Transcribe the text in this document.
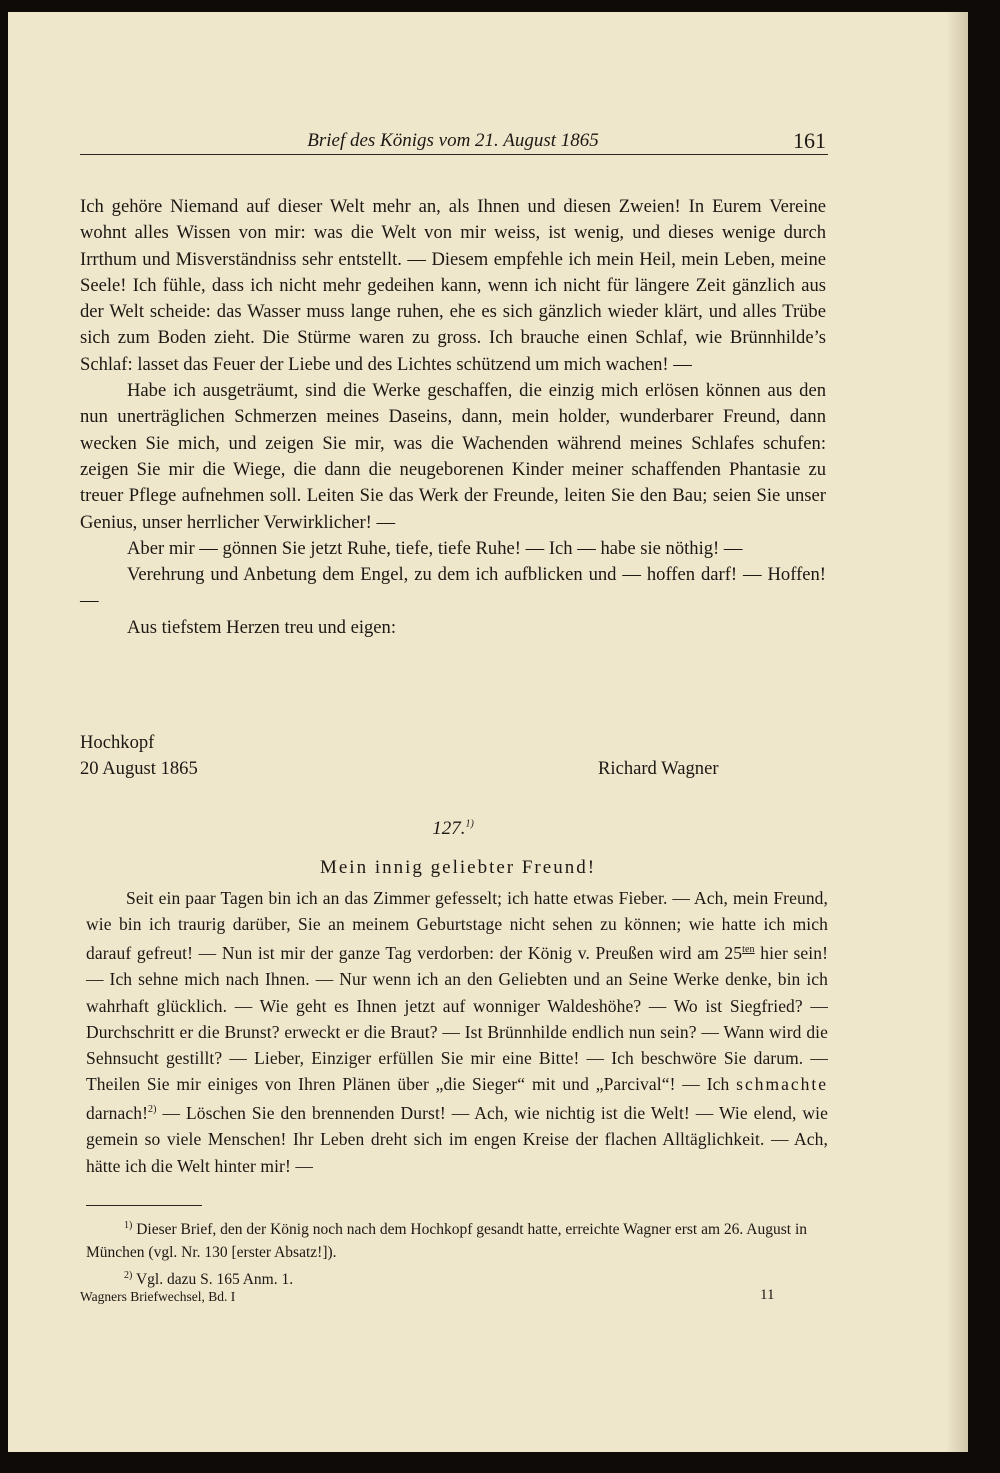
Brief des Königs vom 21. August 1865	161

Ich gehöre Niemand auf dieser Welt mehr an, als Ihnen und diesen Zweien! In Eurem Vereine wohnt alles Wissen von mir: was die Welt von mir weiss, ist wenig, und dieses wenige durch Irrthum und Misverständniss sehr entstellt. — Diesem empfehle ich mein Heil, mein Leben, meine Seele! Ich fühle, dass ich nicht mehr gedeihen kann, wenn ich nicht für längere Zeit gänzlich aus der Welt scheide: das Wasser muss lange ruhen, ehe es sich gänzlich wieder klärt, und alles Trübe sich zum Boden zieht. Die Stürme waren zu gross. Ich brauche einen Schlaf, wie Brünnhilde’s Schlaf: lasset das Feuer der Liebe und des Lichtes schützend um mich wachen! —

Habe ich ausgeträumt, sind die Werke geschaffen, die einzig mich erlösen können aus den nun unerträglichen Schmerzen meines Daseins, dann, mein holder, wunderbarer Freund, dann wecken Sie mich, und zeigen Sie mir, was die Wachenden während meines Schlafes schufen: zeigen Sie mir die Wiege, die dann die neugeborenen Kinder meiner schaffenden Phantasie zu treuer Pflege aufnehmen soll. Leiten Sie das Werk der Freunde, leiten Sie den Bau; seien Sie unser Genius, unser herrlicher Verwirklicher! —

Aber mir — gönnen Sie jetzt Ruhe, tiefe, tiefe Ruhe! — Ich — habe sie nöthig! —

Verehrung und Anbetung dem Engel, zu dem ich aufblicken und — hoffen darf! — Hoffen! —

Aus tiefstem Herzen treu und eigen:

Hochkopf
20 August 1865	Richard Wagner
127.$^{1)}$
Mein innig geliebter Freund!

Seit ein paar Tagen bin ich an das Zimmer gefesselt; ich hatte etwas Fieber. — Ach, mein Freund, wie bin ich traurig darüber, Sie an meinem Geburtstage nicht sehen zu können; wie hatte ich mich darauf gefreut! — Nun ist mir der ganze Tag verdorben: der König v. Preußen wird am $25^{ten}$ hier sein! — Ich sehne mich nach Ihnen. — Nur wenn ich an den Geliebten und an Seine Werke denke, bin ich wahrhaft glücklich. — Wie geht es Ihnen jetzt auf wonniger Waldeshöhe? — Wo ist Siegfried? — Durchschritt er die Brunst? erweckt er die Braut? — Ist Brünnhilde endlich nun sein? — Wann wird die Sehnsucht gestillt? — Lieber, Einziger erfüllen Sie mir eine Bitte! — Ich beschwöre Sie darum. — Theilen Sie mir einiges von Ihren Plänen über „die Sieger“ mit und „Parcival“! — Ich schmachte darnach!$^{2)}$ — Löschen Sie den brennenden Durst! — Ach, wie nichtig ist die Welt! — Wie elend, wie gemein so viele Menschen! Ihr Leben dreht sich im engen Kreise der flachen Alltäglichkeit. — Ach, hätte ich die Welt hinter mir! —

$^{1)}$ Dieser Brief, den der König noch nach dem Hochkopf gesandt hatte, erreichte Wagner erst am 26. August in München (vgl. Nr. 130 [erster Absatz!]).

$^{2)}$ Vgl. dazu S. 165 Anm. 1.

Wagners Briefwechsel, Bd. I	11
